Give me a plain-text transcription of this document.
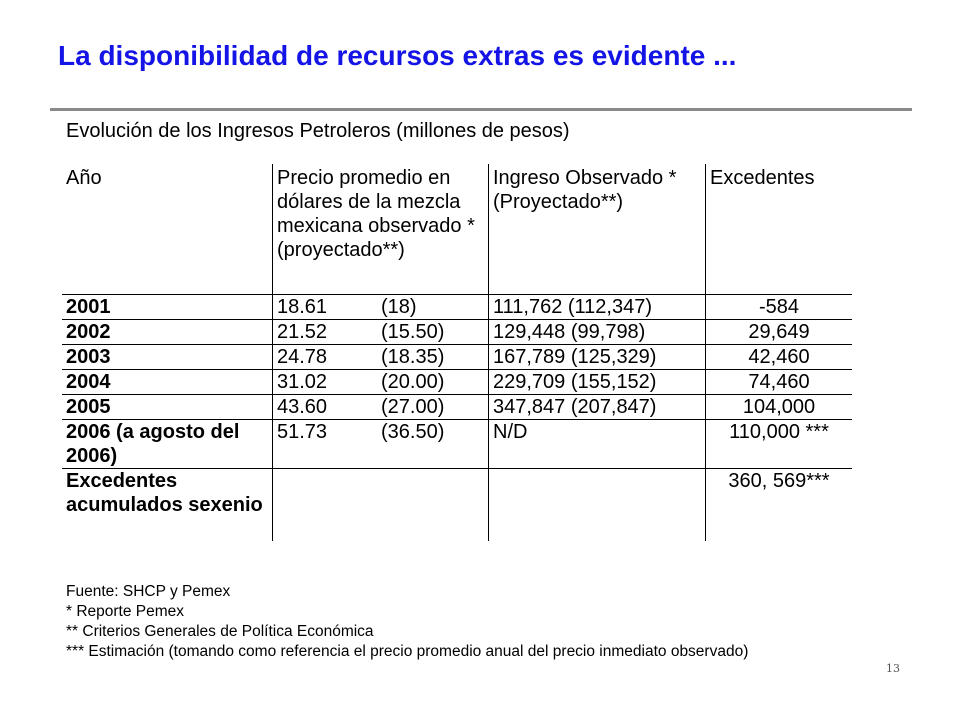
La disponibilidad de recursos extras es evidente ...
Evolución de los Ingresos Petroleros (millones de pesos)
Año	Precio promedio en dólares de la mezcla mexicana observado * (proyectado**)	Ingreso Observado * (Proyectado**)	Excedentes
2001	18.61 (18)	111,762 (112,347)	-584
2002	21.52 (15.50)	129,448 (99,798)	29,649
2003	24.78 (18.35)	167,789 (125,329)	42,460
2004	31.02 (20.00)	229,709 (155,152)	74,460
2005	43.60 (27.00)	347,847 (207,847)	104,000
2006 (a agosto del 2006)	51.73 (36.50)	N/D	110,000 ***
Excedentes acumulados sexenio			360, 569***
Fuente: SHCP y Pemex
* Reporte Pemex
** Criterios Generales de Política Económica
*** Estimación (tomando como referencia el precio promedio anual del precio inmediato observado)
13
